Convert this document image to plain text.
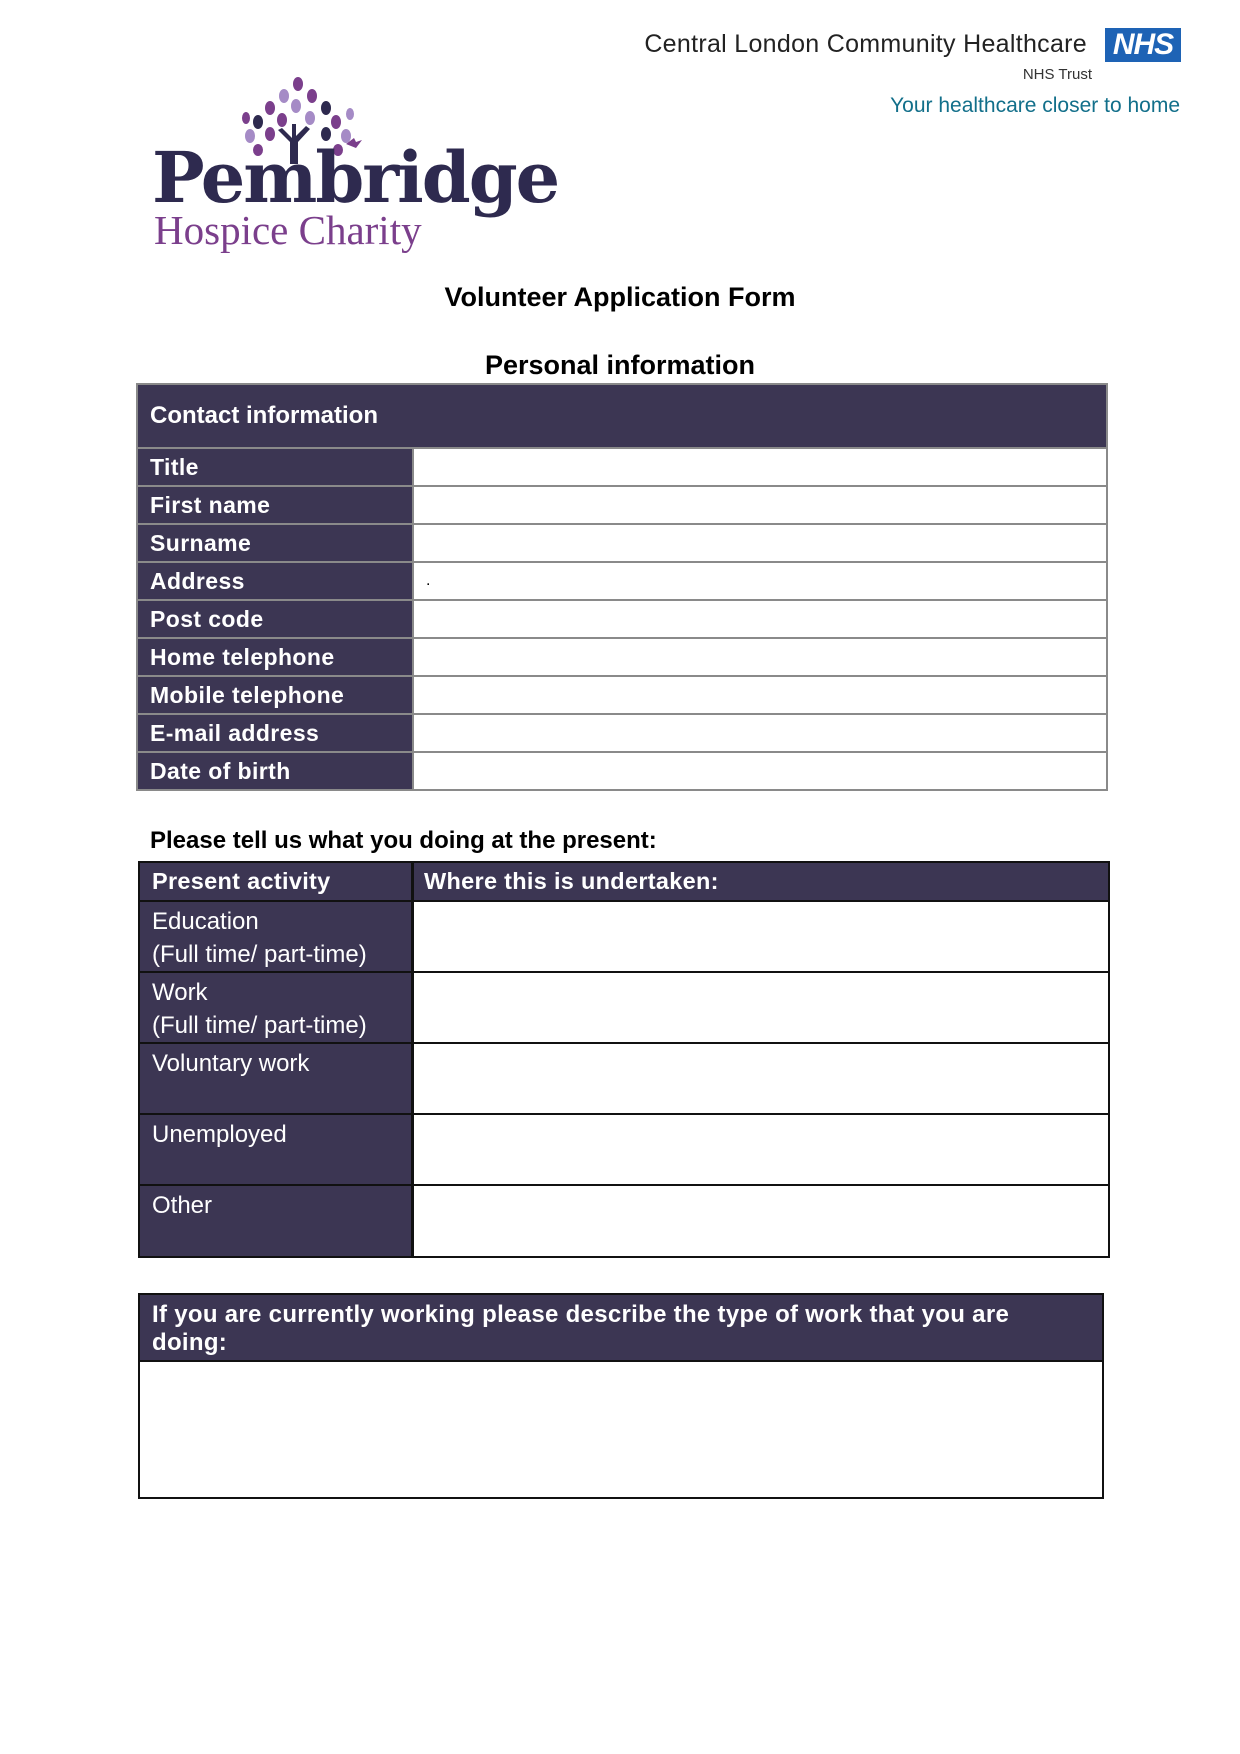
Central London Community Healthcare NHS
NHS Trust
Your healthcare closer to home
Pembridge
Hospice Charity
Volunteer Application Form
Personal information
Contact information
Title
First name
Surname
Address	.
Post code
Home telephone
Mobile telephone
E-mail address
Date of birth
Please tell us what you doing at the present:
Present activity	Where this is undertaken:
Education
(Full time/ part-time)
Work
(Full time/ part-time)
Voluntary work
Unemployed
Other
If you are currently working please describe the type of work that you are doing:
